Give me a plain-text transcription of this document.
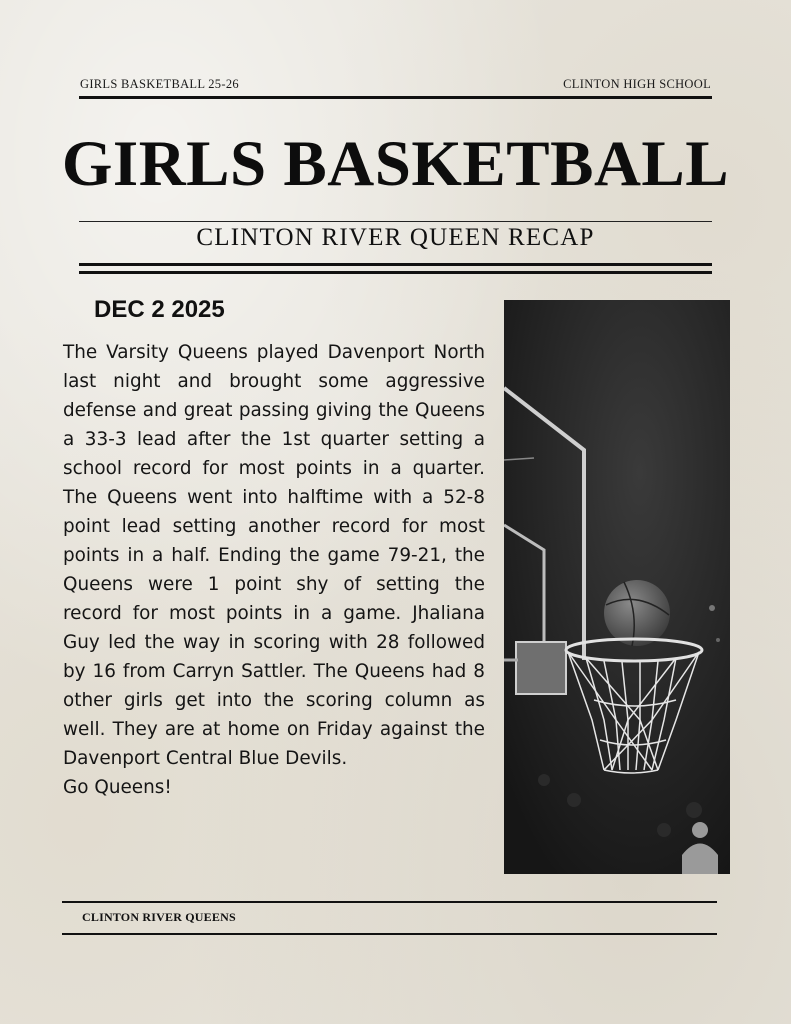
GIRLS BASKETBALL 25-26	CLINTON HIGH SCHOOL
GIRLS BASKETBALL
CLINTON RIVER QUEEN RECAP
DEC 2 2025

The Varsity Queens played Davenport North last night and brought some aggressive defense and great passing giving the Queens a 33-3 lead after the 1st quarter setting a school record for most points in a quarter. The Queens went into halftime with a 52-8 point lead setting another record for most points in a half. Ending the game 79-21, the Queens were 1 point shy of setting the record for most points in a game. Jhaliana Guy led the way in scoring with 28 followed by 16 from Carryn Sattler. The Queens had 8 other girls get into the scoring column as well. They are at home on Friday against the Davenport Central Blue Devils.

Go Queens!

CLINTON RIVER QUEENS
